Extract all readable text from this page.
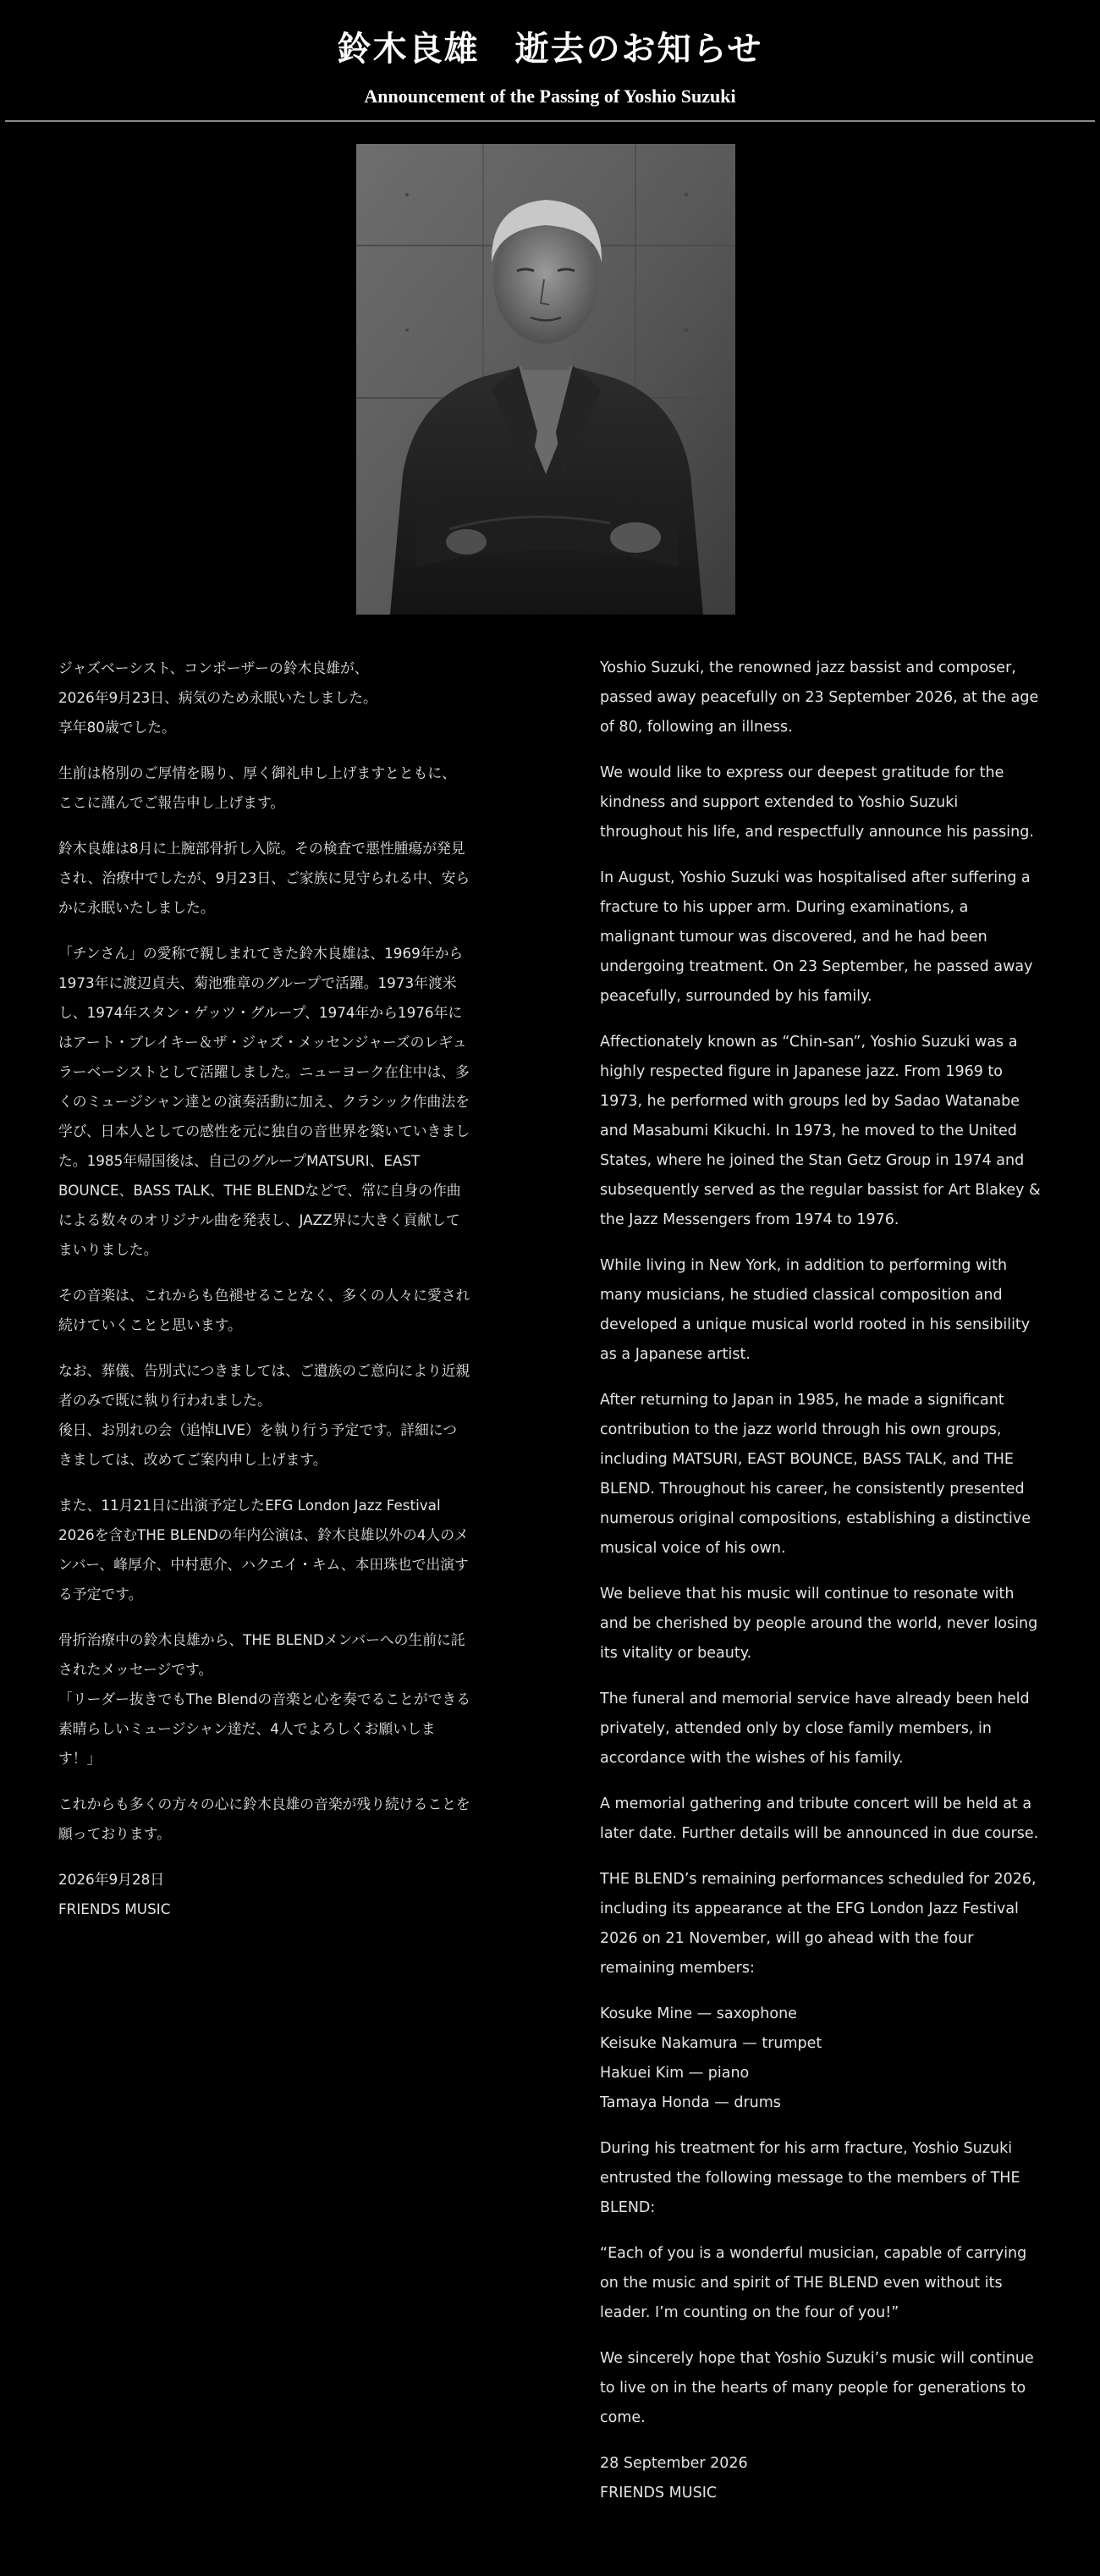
鈴木良雄　逝去のお知らせ
Announcement of the Passing of Yoshio Suzuki

ジャズベーシスト、コンポーザーの鈴木良雄が、
2026年9月23日、病気のため永眠いたしました。
享年80歳でした。

生前は格別のご厚情を賜り、厚く御礼申し上げますとともに、
ここに謹んでご報告申し上げます。

鈴木良雄は8月に上腕部骨折し入院。その検査で悪性腫瘍が発見
され、治療中でしたが、9月23日、ご家族に見守られる中、安ら
かに永眠いたしました。

「チンさん」の愛称で親しまれてきた鈴木良雄は、1969年から
1973年に渡辺貞夫、菊池雅章のグループで活躍。1973年渡米
し、1974年スタン・ゲッツ・グループ、1974年から1976年に
はアート・ブレイキー＆ザ・ジャズ・メッセンジャーズのレギュ
ラーベーシストとして活躍しました。ニューヨーク在住中は、多
くのミュージシャン達との演奏活動に加え、クラシック作曲法を
学び、日本人としての感性を元に独自の音世界を築いていきまし
た。1985年帰国後は、自己のグループMATSURI、EAST
BOUNCE、BASS TALK、THE BLENDなどで、常に自身の作曲
による数々のオリジナル曲を発表し、JAZZ界に大きく貢献して
まいりました。

その音楽は、これからも色褪せることなく、多くの人々に愛され
続けていくことと思います。

なお、葬儀、告別式につきましては、ご遺族のご意向により近親
者のみで既に執り行われました。
後日、お別れの会（追悼LIVE）を執り行う予定です。詳細につ
きましては、改めてご案内申し上げます。

また、11月21日に出演予定したEFG London Jazz Festival
2026を含むTHE BLENDの年内公演は、鈴木良雄以外の4人のメ
ンバー、峰厚介、中村恵介、ハクエイ・キム、本田珠也で出演す
る予定です。

骨折治療中の鈴木良雄から、THE BLENDメンバーへの生前に託
されたメッセージです。
「リーダー抜きでもThe Blendの音楽と心を奏でることができる
素晴らしいミュージシャン達だ、4人でよろしくお願いしま
す！」

これからも多くの方々の心に鈴木良雄の音楽が残り続けることを
願っております。

2026年9月28日
FRIENDS MUSIC

Yoshio Suzuki, the renowned jazz bassist and composer,
passed away peacefully on 23 September 2026, at the age
of 80, following an illness.

We would like to express our deepest gratitude for the
kindness and support extended to Yoshio Suzuki
throughout his life, and respectfully announce his passing.

In August, Yoshio Suzuki was hospitalised after suffering a
fracture to his upper arm. During examinations, a
malignant tumour was discovered, and he had been
undergoing treatment. On 23 September, he passed away
peacefully, surrounded by his family.

Affectionately known as “Chin-san”, Yoshio Suzuki was a
highly respected figure in Japanese jazz. From 1969 to
1973, he performed with groups led by Sadao Watanabe
and Masabumi Kikuchi. In 1973, he moved to the United
States, where he joined the Stan Getz Group in 1974 and
subsequently served as the regular bassist for Art Blakey &
the Jazz Messengers from 1974 to 1976.

While living in New York, in addition to performing with
many musicians, he studied classical composition and
developed a unique musical world rooted in his sensibility
as a Japanese artist.

After returning to Japan in 1985, he made a significant
contribution to the jazz world through his own groups,
including MATSURI, EAST BOUNCE, BASS TALK, and THE
BLEND. Throughout his career, he consistently presented
numerous original compositions, establishing a distinctive
musical voice of his own.

We believe that his music will continue to resonate with
and be cherished by people around the world, never losing
its vitality or beauty.

The funeral and memorial service have already been held
privately, attended only by close family members, in
accordance with the wishes of his family.

A memorial gathering and tribute concert will be held at a
later date. Further details will be announced in due course.

THE BLEND’s remaining performances scheduled for 2026,
including its appearance at the EFG London Jazz Festival
2026 on 21 November, will go ahead with the four
remaining members:

Kosuke Mine — saxophone
Keisuke Nakamura — trumpet
Hakuei Kim — piano
Tamaya Honda — drums

During his treatment for his arm fracture, Yoshio Suzuki
entrusted the following message to the members of THE
BLEND:

“Each of you is a wonderful musician, capable of carrying
on the music and spirit of THE BLEND even without its
leader. I’m counting on the four of you!”

We sincerely hope that Yoshio Suzuki’s music will continue
to live on in the hearts of many people for generations to
come.

28 September 2026
FRIENDS MUSIC
